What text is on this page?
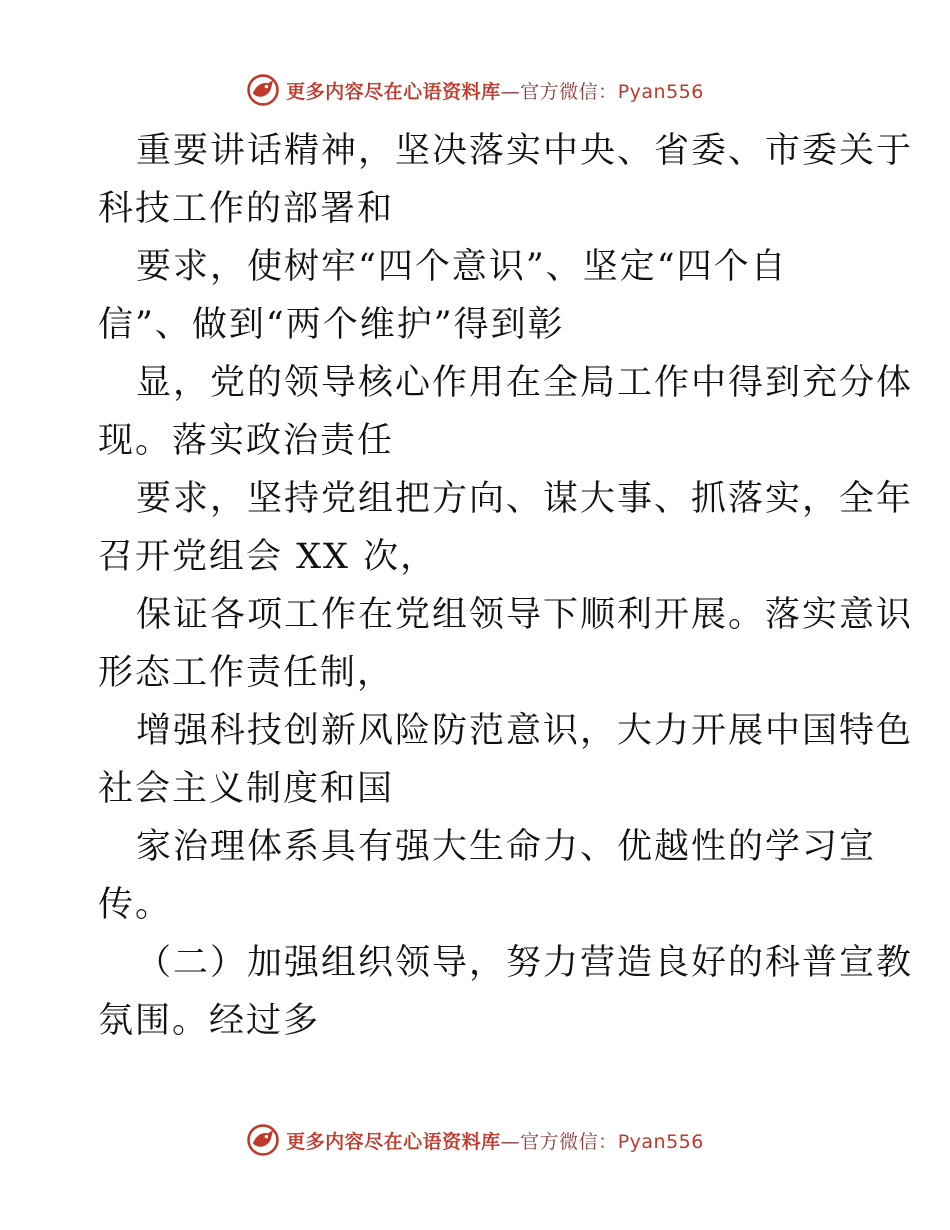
更多内容尽在心语资料库—官方微信：Pyan556
重要讲话精神，坚决落实中央、省委、市委关于
科技工作的部署和
要求，使树牢“四个意识”、坚定“四个自
信”、做到“两个维护”得到彰
显，党的领导核心作用在全局工作中得到充分体
现。落实政治责任
要求，坚持党组把方向、谋大事、抓落实，全年
召开党组会 XX 次，
保证各项工作在党组领导下顺利开展。落实意识
形态工作责任制，
增强科技创新风险防范意识，大力开展中国特色
社会主义制度和国
家治理体系具有强大生命力、优越性的学习宣
传。
（二）加强组织领导，努力营造良好的科普宣教
氛围。经过多
更多内容尽在心语资料库—官方微信：Pyan556
